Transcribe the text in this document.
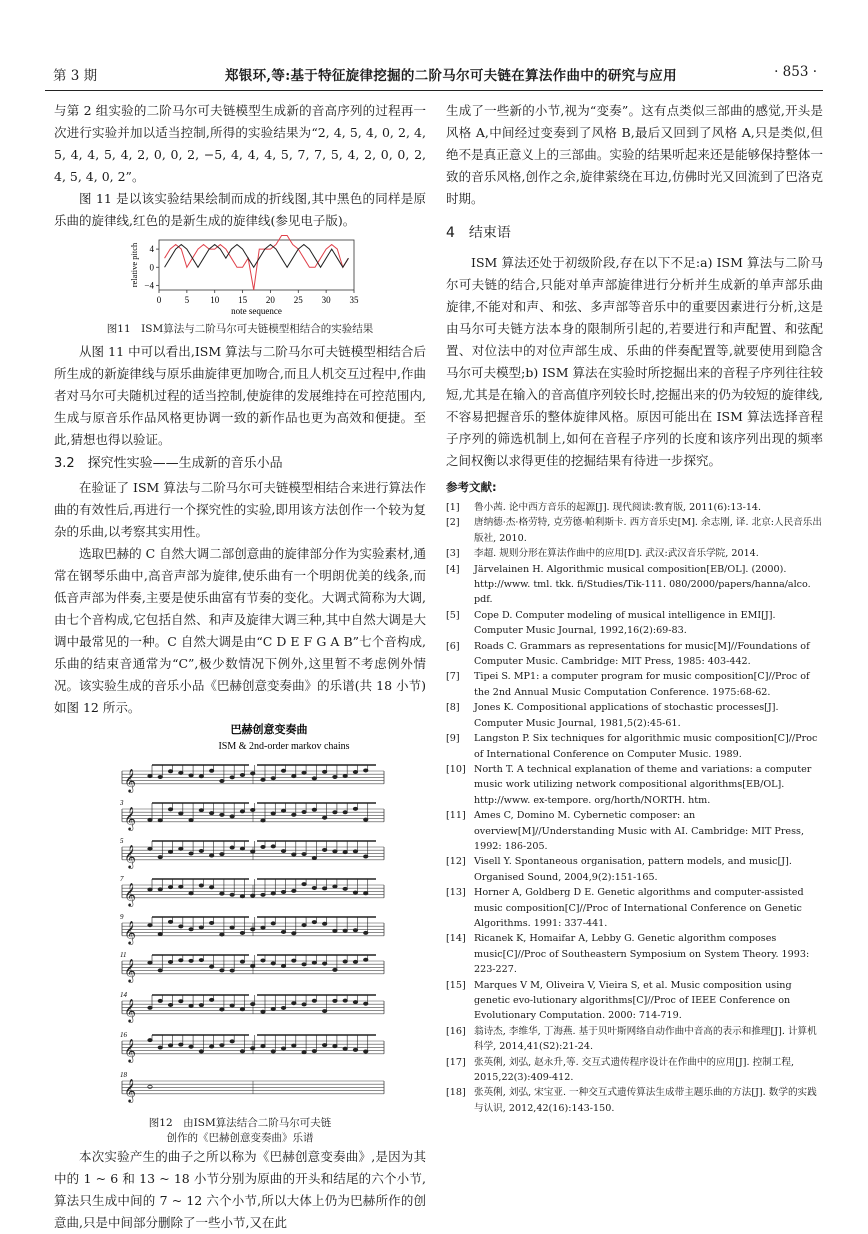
第 3 期	郑银环,等:基于特征旋律挖掘的二阶马尔可夫链在算法作曲中的研究与应用	· 853 ·

与第 2 组实验的二阶马尔可夫链模型生成新的音高序列的过程再一次进行实验并加以适当控制,所得的实验结果为“2, 4, 5, 4, 0, 2, 4, 5, 4, 4, 5, 4, 2, 0, 0, 2, −5, 4, 4, 4, 5, 7, 7, 5, 4, 2, 0, 0, 2, 4, 5, 4, 0, 2”。

图 11 是以该实验结果绘制而成的折线图,其中黑色的同样是原乐曲的旋律线,红色的是新生成的旋律线(参见电子版)。

0	5 10 15 20 25 30 35
4
0
−4
note sequence
relative pitch

图11　ISM算法与二阶马尔可夫链模型相结合的实验结果

从图 11 中可以看出,ISM 算法与二阶马尔可夫链模型相结合后所生成的新旋律线与原乐曲旋律更加吻合,而且人机交互过程中,作曲者对马尔可夫随机过程的适当控制,使旋律的发展维持在可控范围内,生成与原音乐作品风格更协调一致的新作品也更为高效和便捷。至此,猜想也得以验证。

3.2　探究性实验——生成新的音乐小品

在验证了 ISM 算法与二阶马尔可夫链模型相结合来进行算法作曲的有效性后,再进行一个探究性的实验,即用该方法创作一个较为复杂的乐曲,以考察其实用性。

选取巴赫的 C 自然大调二部创意曲的旋律部分作为实验素材,通常在钢琴乐曲中,高音声部为旋律,使乐曲有一个明朗优美的线条,而低音声部为伴奏,主要是使乐曲富有节奏的变化。大调式简称为大调,由七个音构成,它包括自然、和声及旋律大调三种,其中自然大调是大调中最常见的一种。C 自然大调是由“C D E F G A B”七个音构成,乐曲的结束音通常为“C”,极少数情况下例外,这里暂不考虑例外情况。该实验生成的音乐小品《巴赫创意变奏曲》的乐谱(共 18 小节)如图 12 所示。

巴赫创意变奏曲
ISM & 2nd-order markov chains
𝄞
𝄞
3
𝄞
5
𝄞
7
𝄞
9
𝄞
11
𝄞
14
𝄞
16
𝄞
18

图12　由ISM算法结合二阶马尔可夫链

创作的《巴赫创意变奏曲》乐谱

本次实验产生的曲子之所以称为《巴赫创意变奏曲》,是因为其中的 1 ~ 6 和 13 ~ 18 小节分别为原曲的开头和结尾的六个小节,算法只生成中间的 7 ~ 12 六个小节,所以大体上仍为巴赫所作的创意曲,只是中间部分删除了一些小节,又在此

生成了一些新的小节,视为“变奏”。这有点类似三部曲的感觉,开头是风格 A,中间经过变奏到了风格 B,最后又回到了风格 A,只是类似,但绝不是真正意义上的三部曲。实验的结果听起来还是能够保持整体一致的音乐风格,创作之余,旋律萦绕在耳边,仿佛时光又回流到了巴洛克时期。

4　结束语

ISM 算法还处于初级阶段,存在以下不足:a) ISM 算法与二阶马尔可夫链的结合,只能对单声部旋律进行分析并生成新的单声部乐曲旋律,不能对和声、和弦、多声部等音乐中的重要因素进行分析,这是由马尔可夫链方法本身的限制所引起的,若要进行和声配置、和弦配置、对位法中的对位声部生成、乐曲的伴奏配置等,就要使用到隐含马尔可夫模型;b) ISM 算法在实验时所挖掘出来的音程子序列往往较短,尤其是在输入的音高值序列较长时,挖掘出来的仍为较短的旋律线,不容易把握音乐的整体旋律风格。原因可能出在 ISM 算法选择音程子序列的筛选机制上,如何在音程子序列的长度和该序列出现的频率之间权衡以求得更佳的挖掘结果有待进一步探究。

参考文献:

[1]	鲁小茜. 论中西方音乐的起源[J]. 现代阅读:教育版, 2011(6):13-14.
[2]	唐纳德·杰·格劳特, 克劳德·帕利斯卡. 西方音乐史[M]. 余志刚, 译. 北京:人民音乐出版社, 2010.
[3]	李超. 规则分形在算法作曲中的应用[D]. 武汉:武汉音乐学院, 2014.
[4]	Järvelainen H. Algorithmic musical composition[EB/OL]. (2000). http://www. tml. tkk. fi/Studies/Tik-111. 080/2000/papers/hanna/alco. pdf.
[5]	Cope D. Computer modeling of musical intelligence in EMI[J]. Computer Music Journal, 1992,16(2):69-83.
[6]	Roads C. Grammars as representations for music[M]//Foundations of Computer Music. Cambridge: MIT Press, 1985: 403-442.
[7]	Tipei S. MP1: a computer program for music composition[C]//Proc of the 2nd Annual Music Computation Conference. 1975:68-62.
[8]	Jones K. Compositional applications of stochastic processes[J]. Computer Music Journal, 1981,5(2):45-61.
[9]	Langston P. Six techniques for algorithmic music composition[C]//Proc of International Conference on Computer Music. 1989.
[10] North T. A technical explanation of theme and variations: a computer music work utilizing network compositional algorithms[EB/OL]. http://www. ex-tempore. org/horth/NORTH. htm.
[11] Ames C, Domino M. Cybernetic composer: an overview[M]//Understanding Music with AI. Cambridge: MIT Press, 1992: 186-205.
[12] Visell Y. Spontaneous organisation, pattern models, and music[J]. Organised Sound, 2004,9(2):151-165.
[13] Horner A, Goldberg D E. Genetic algorithms and computer-assisted music composition[C]//Proc of International Conference on Genetic Algorithms. 1991: 337-441.
[14] Ricanek K, Homaifar A, Lebby G. Genetic algorithm composes music[C]//Proc of Southeastern Symposium on System Theory. 1993: 223-227.
[15] Marques V M, Oliveira V, Vieira S, et al. Music composition using genetic evo-lutionary algorithms[C]//Proc of IEEE Conference on Evolutionary Computation. 2000: 714-719.
[16] 翁诗杰, 李维华, 丁海燕. 基于贝叶斯网络自动作曲中音高的表示和推理[J]. 计算机科学, 2014,41(S2):21-24.
[17] 张英俐, 刘弘, 赵永升,等. 交互式遗传程序设计在作曲中的应用[J]. 控制工程, 2015,22(3):409-412.
[18] 张英俐, 刘弘, 宋宝亚. 一种交互式遗传算法生成带主题乐曲的方法[J]. 数学的实践与认识, 2012,42(16):143-150.
